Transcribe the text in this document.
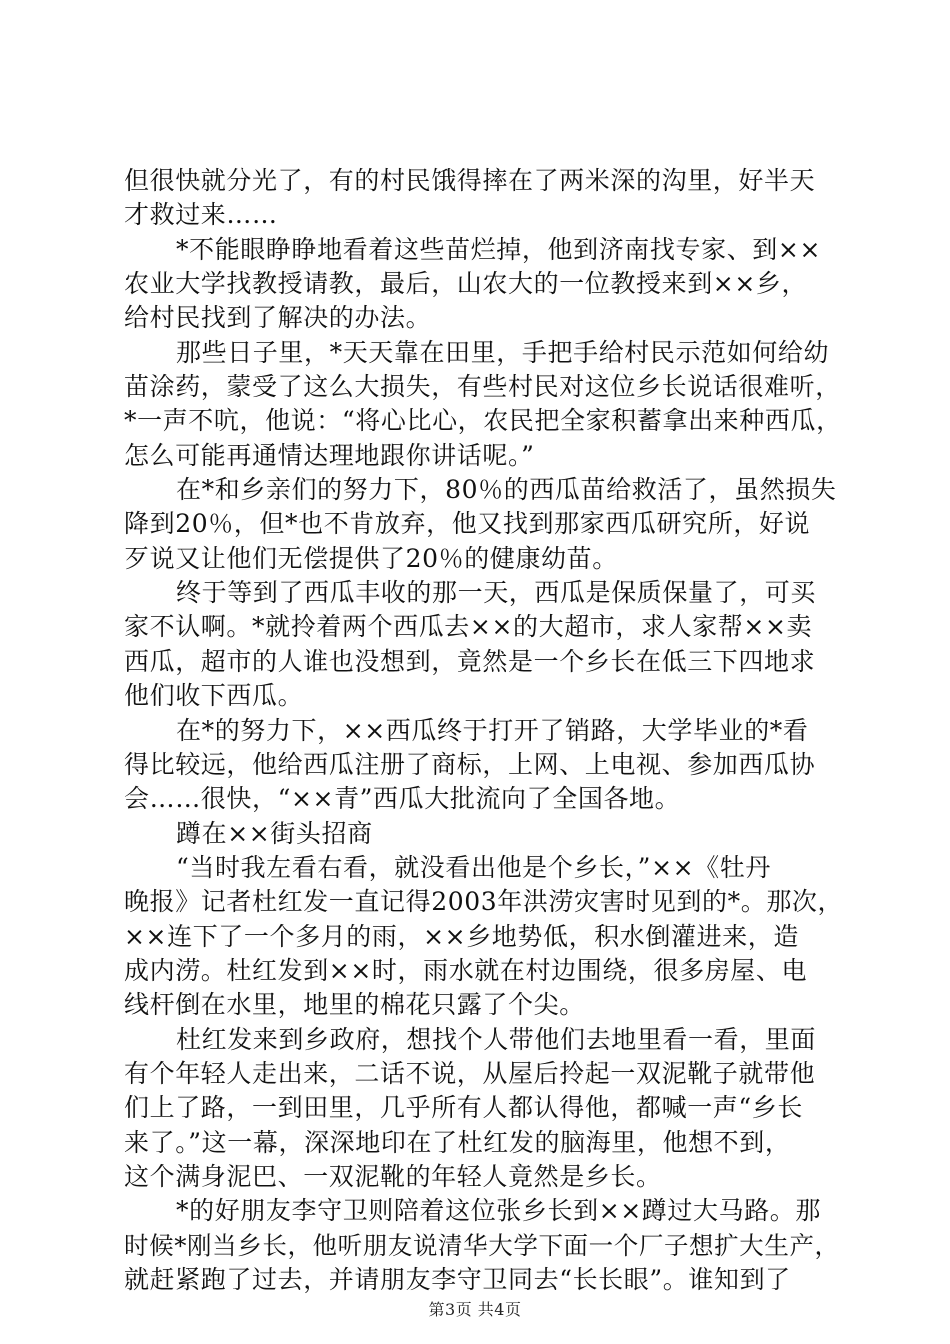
但很快就分光了，有的村民饿得摔在了两米深的沟里，好半天
才救过来……
*不能眼睁睁地看着这些苗烂掉，他到济南找专家、到××
农业大学找教授请教，最后，山农大的一位教授来到××乡，
给村民找到了解决的办法。
那些日子里，*天天靠在田里，手把手给村民示范如何给幼
苗涂药，蒙受了这么大损失，有些村民对这位乡长说话很难听，
*一声不吭，他说：“将心比心，农民把全家积蓄拿出来种西瓜，
怎么可能再通情达理地跟你讲话呢。”
在*和乡亲们的努力下，80％的西瓜苗给救活了，虽然损失
降到20％，但*也不肯放弃，他又找到那家西瓜研究所，好说
歹说又让他们无偿提供了20％的健康幼苗。
终于等到了西瓜丰收的那一天，西瓜是保质保量了，可买
家不认啊。*就拎着两个西瓜去××的大超市，求人家帮××卖
西瓜，超市的人谁也没想到，竟然是一个乡长在低三下四地求
他们收下西瓜。
在*的努力下，××西瓜终于打开了销路，大学毕业的*看
得比较远，他给西瓜注册了商标，上网、上电视、参加西瓜协
会……很快，“××青”西瓜大批流向了全国各地。
蹲在××街头招商
“当时我左看右看，就没看出他是个乡长，”××《牡丹
晚报》记者杜红发一直记得2003年洪涝灾害时见到的*。那次，
××连下了一个多月的雨，××乡地势低，积水倒灌进来，造
成内涝。杜红发到××时，雨水就在村边围绕，很多房屋、电
线杆倒在水里，地里的棉花只露了个尖。
杜红发来到乡政府，想找个人带他们去地里看一看，里面
有个年轻人走出来，二话不说，从屋后拎起一双泥靴子就带他
们上了路，一到田里，几乎所有人都认得他，都喊一声“乡长
来了。”这一幕，深深地印在了杜红发的脑海里，他想不到，
这个满身泥巴、一双泥靴的年轻人竟然是乡长。
*的好朋友李守卫则陪着这位张乡长到××蹲过大马路。那
时候*刚当乡长，他听朋友说清华大学下面一个厂子想扩大生产，
就赶紧跑了过去，并请朋友李守卫同去“长长眼”。谁知到了
第3页 共4页
